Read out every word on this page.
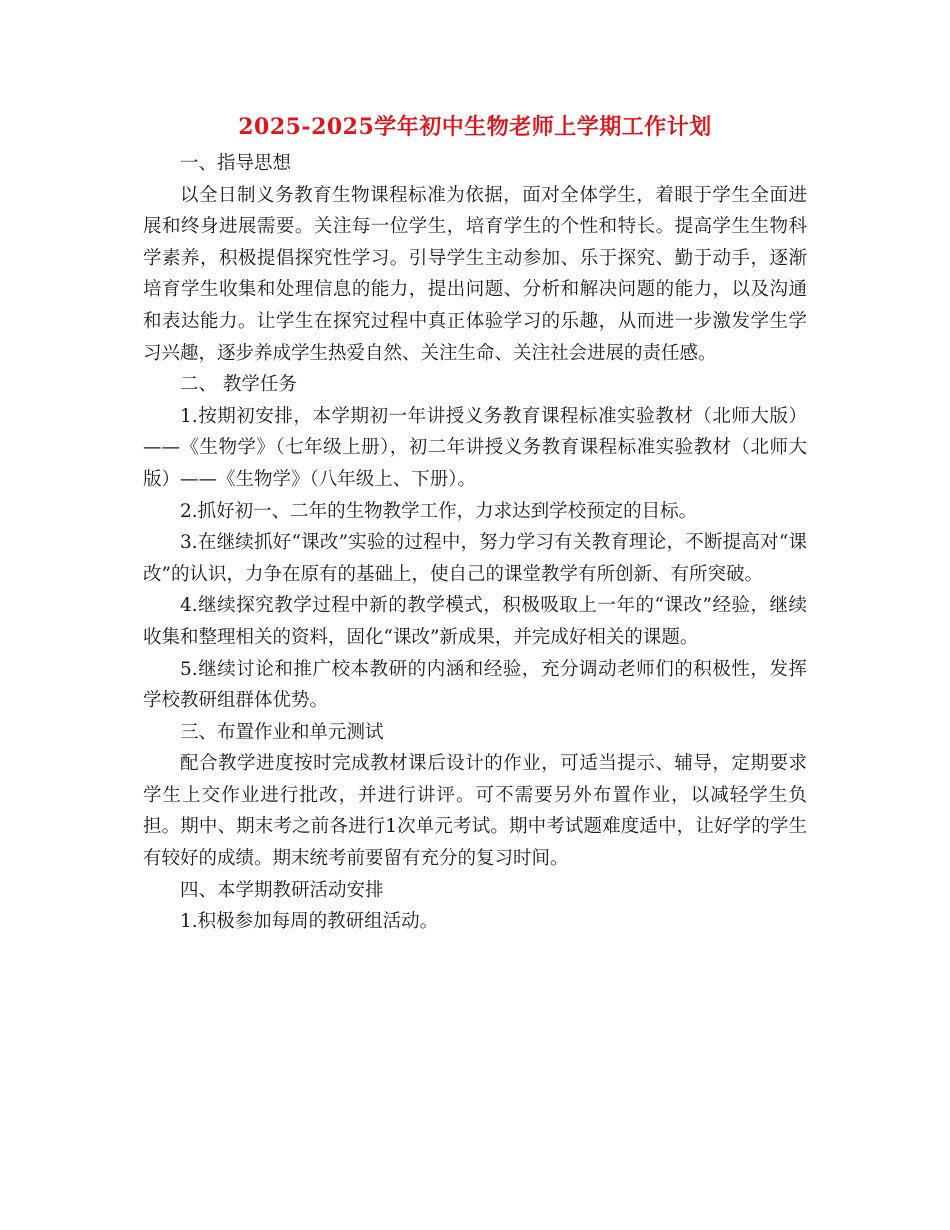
2025-2025学年初中生物老师上学期工作计划

一、指导思想

以全日制义务教育生物课程标准为依据，面对全体学生，着眼于学生全面进展和终身进展需要。关注每一位学生，培育学生的个性和特长。提高学生生物科学素养，积极提倡探究性学习。引导学生主动参加、乐于探究、勤于动手，逐渐培育学生收集和处理信息的能力，提出问题、分析和解决问题的能力，以及沟通和表达能力。让学生在探究过程中真正体验学习的乐趣，从而进一步激发学生学习兴趣，逐步养成学生热爱自然、关注生命、关注社会进展的责任感。

二、 教学任务

1.按期初安排，本学期初一年讲授义务教育课程标准实验教材（北师大版）——《生物学》（七年级上册），初二年讲授义务教育课程标准实验教材（北师大版）——《生物学》（八年级上、下册）。

2.抓好初一、二年的生物教学工作，力求达到学校预定的目标。

3.在继续抓好“课改”实验的过程中，努力学习有关教育理论，不断提高对“课改”的认识，力争在原有的基础上，使自己的课堂教学有所创新、有所突破。

4.继续探究教学过程中新的教学模式，积极吸取上一年的“课改”经验，继续收集和整理相关的资料，固化“课改”新成果，并完成好相关的课题。

5.继续讨论和推广校本教研的内涵和经验，充分调动老师们的积极性，发挥学校教研组群体优势。

三、布置作业和单元测试

配合教学进度按时完成教材课后设计的作业，可适当提示、辅导，定期要求学生上交作业进行批改，并进行讲评。可不需要另外布置作业，以减轻学生负担。期中、期末考之前各进行1次单元考试。期中考试题难度适中，让好学的学生有较好的成绩。期末统考前要留有充分的复习时间。

四、本学期教研活动安排

1.积极参加每周的教研组活动。
